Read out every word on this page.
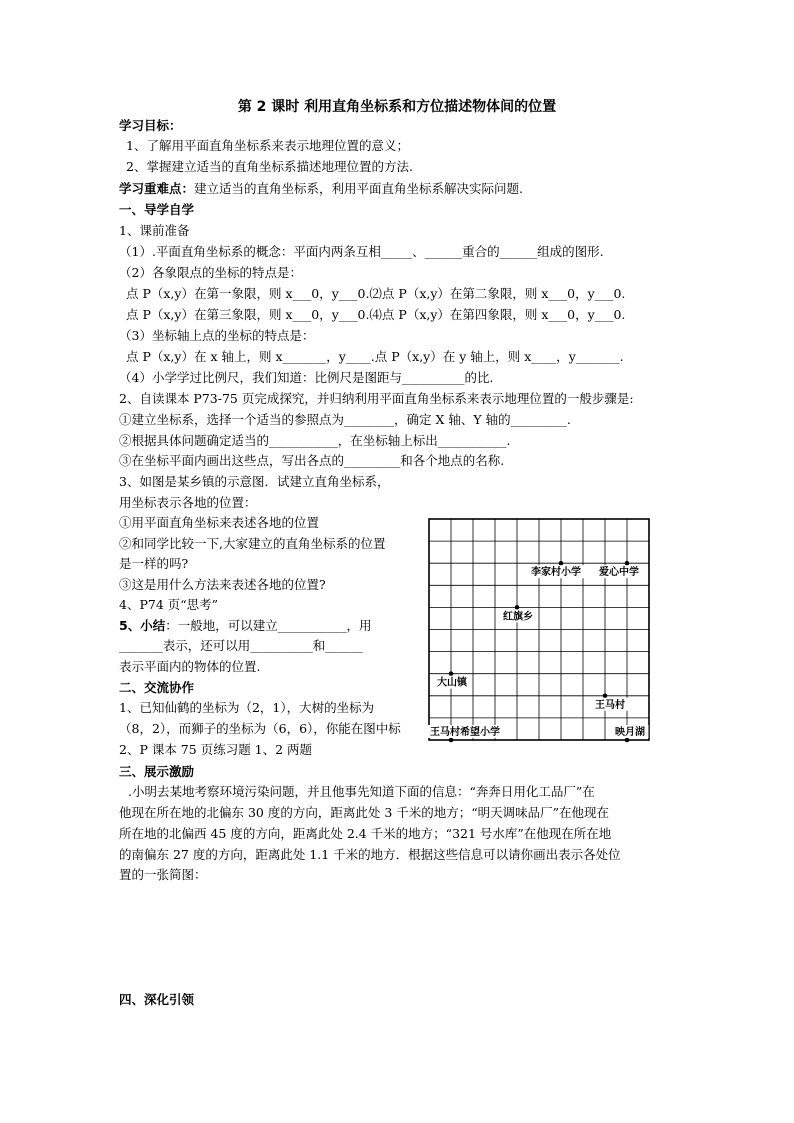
第 2 课时 利用直角坐标系和方位描述物体间的位置
学习目标：
1、了解用平面直角坐标系来表示地理位置的意义；
2、掌握建立适当的直角坐标系描述地理位置的方法.
学习重难点：建立适当的直角坐标系，利用平面直角坐标系解决实际问题.
一、导学自学
1、课前准备
（1）.平面直角坐标系的概念：平面内两条互相_____、______重合的______组成的图形.
（2）各象限点的坐标的特点是：
点 P（x,y）在第一象限，则 x___0，y___0.⑵点 P（x,y）在第二象限，则 x___0，y___0.
点 P（x,y）在第三象限，则 x___0，y___0.⑷点 P（x,y）在第四象限，则 x___0，y___0.
（3）坐标轴上点的坐标的特点是：
点 P（x,y）在 x 轴上，则 x_______，y____.点 P（x,y）在 y 轴上，则 x____，y_______.
（4）小学学过比例尺，我们知道：比例尺是图距与__________的比.
2、自读课本 P73-75 页完成探究，并归纳利用平面直角坐标系来表示地理位置的一般步骤是:
①建立坐标系，选择一个适当的参照点为________，确定 X 轴、Y 轴的_________.
②根据具体问题确定适当的___________，在坐标轴上标出___________.
③在坐标平面内画出这些点，写出各点的_________和各个地点的名称.
3、如图是某乡镇的示意图．试建立直角坐标系，
用坐标表示各地的位置：
①用平面直角坐标来表述各地的位置
②和同学比较一下,大家建立的直角坐标系的位置
是一样的吗?
③这是用什么方法来表述各地的位置?
4、P74 页“思考”
5、小结：一般地，可以建立___________，用
_______表示，还可以用__________和______
表示平面内的物体的位置.
二、交流协作
1、已知仙鹤的坐标为（2，1），大树的坐标为
（8，2），而狮子的坐标为（6，6），你能在图中标
2、P 课本 75 页练习题 1、2 两题
三、展示激励
.小明去某地考察环境污染问题，并且他事先知道下面的信息：“奔奔日用化工品厂”在
他现在所在地的北偏东 30 度的方向，距离此处 3 千米的地方；“明天调味品厂”在他现在
所在地的北偏西 45 度的方向，距离此处 2.4 千米的地方；“321 号水库”在他现在所在地
的南偏东 27 度的方向，距离此处 1.1 千米的地方．根据这些信息可以请你画出表示各处位
置的一张简图：
四、深化引领
李家村小学 爱心中学
红旗乡
大山镇
王马村
王马村希望小学	映月湖
